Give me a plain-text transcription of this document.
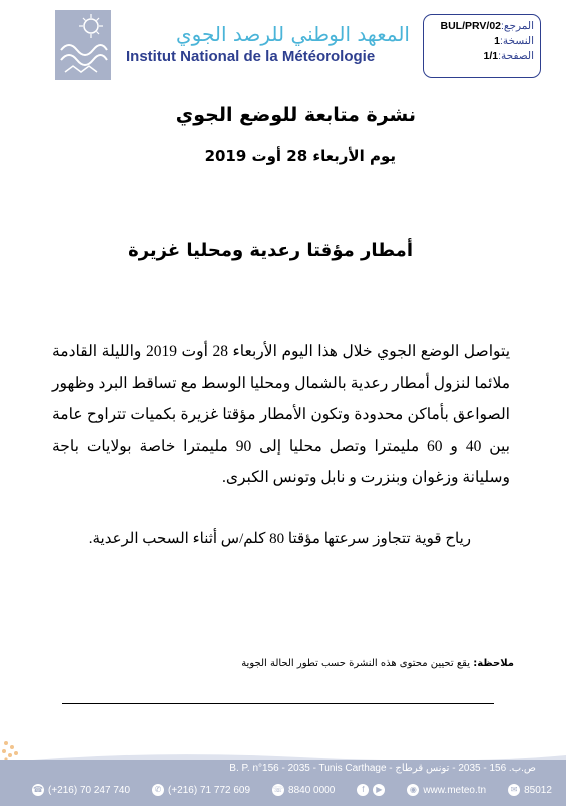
المرجع:BUL/PRV/02
النسخة:1
الصفحة:1/1
المعهد الوطني للرصد الجوي
Institut National de la Météorologie
نشرة متابعة للوضع الجوي
يوم الأربعاء 28 أوت 2019
أمطار مؤقتا رعدية ومحليا غزيرة
يتواصل الوضع الجوي خلال هذا اليوم الأربعاء 28 أوت 2019 والليلة القادمة ملائما لنزول أمطار رعدية بالشمال ومحليا الوسط مع تساقط البرد وظهور الصواعق بأماكن محدودة وتكون الأمطار مؤقتا غزيرة بكميات تتراوح عامة بين 40 و 60 مليمترا وتصل محليا إلى 90 مليمترا خاصة بولايات باجة وسليانة وزغوان وبنزرت و نابل وتونس الكبرى.
رياح قوية تتجاوز سرعتها مؤقتا 80 كلم/س أثناء السحب الرعدية.
ملاحظة: يقع تحيين محتوى هذه النشرة حسب تطور الحالة الجوية
B. P. n°156 - 2035 - Tunis Carthage - ص.ب. 156 - 2035 - تونس قرطاج
☎ (+216) 70 247 740	✆ (+216) 71 772 609	☏ 8840 0000	f	▶	◉ www.meteo.tn	✉ 85012
